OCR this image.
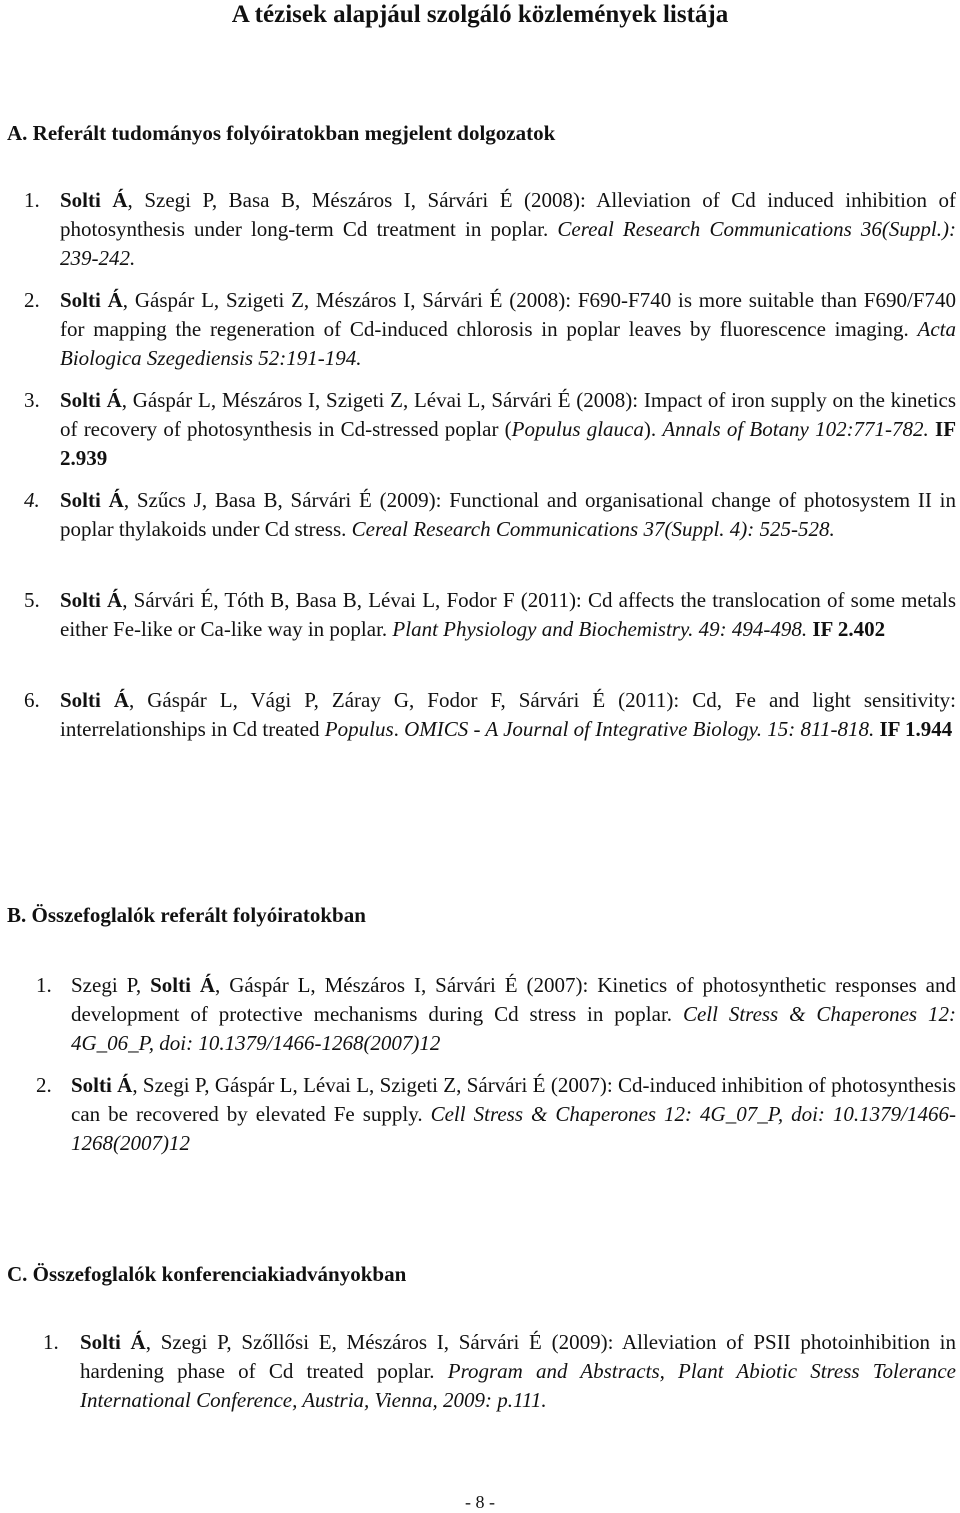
A tézisek alapjául szolgáló közlemények listája
A. Referált tudományos folyóiratokban megjelent dolgozatok
1. Solti Á, Szegi P, Basa B, Mészáros I, Sárvári É (2008): Alleviation of Cd induced inhibition of photosynthesis under long-term Cd treatment in poplar. Cereal Research Communications 36(Suppl.): 239-242.
2. Solti Á, Gáspár L, Szigeti Z, Mészáros I, Sárvári É (2008): F690-F740 is more suitable than F690/F740 for mapping the regeneration of Cd-induced chlorosis in poplar leaves by fluorescence imaging. Acta Biologica Szegediensis 52:191-194.
3. Solti Á, Gáspár L, Mészáros I, Szigeti Z, Lévai L, Sárvári É (2008): Impact of iron supply on the kinetics of recovery of photosynthesis in Cd-stressed poplar (Populus glauca). Annals of Botany 102:771-782. IF 2.939
4. Solti Á, Szűcs J, Basa B, Sárvári É (2009): Functional and organisational change of photosystem II in poplar thylakoids under Cd stress. Cereal Research Communications 37(Suppl. 4): 525-528.
5. Solti Á, Sárvári É, Tóth B, Basa B, Lévai L, Fodor F (2011): Cd affects the translocation of some metals either Fe-like or Ca-like way in poplar. Plant Physiology and Biochemistry. 49: 494-498. IF 2.402
6. Solti Á, Gáspár L, Vági P, Záray G, Fodor F, Sárvári É (2011): Cd, Fe and light sensitivity: interrelationships in Cd treated Populus. OMICS - A Journal of Integrative Biology. 15: 811-818. IF 1.944
B. Összefoglalók referált folyóiratokban
1. Szegi P, Solti Á, Gáspár L, Mészáros I, Sárvári É (2007): Kinetics of photosynthetic responses and development of protective mechanisms during Cd stress in poplar. Cell Stress & Chaperones 12: 4G_06_P, doi: 10.1379/1466-1268(2007)12
2. Solti Á, Szegi P, Gáspár L, Lévai L, Szigeti Z, Sárvári É (2007): Cd-induced inhibition of photosynthesis can be recovered by elevated Fe supply. Cell Stress & Chaperones 12: 4G_07_P, doi: 10.1379/1466-1268(2007)12
C. Összefoglalók konferenciakiadványokban
1. Solti Á, Szegi P, Szőllősi E, Mészáros I, Sárvári É (2009): Alleviation of PSII photoinhibition in hardening phase of Cd treated poplar. Program and Abstracts, Plant Abiotic Stress Tolerance International Conference, Austria, Vienna, 2009: p.111.
- 8 -
